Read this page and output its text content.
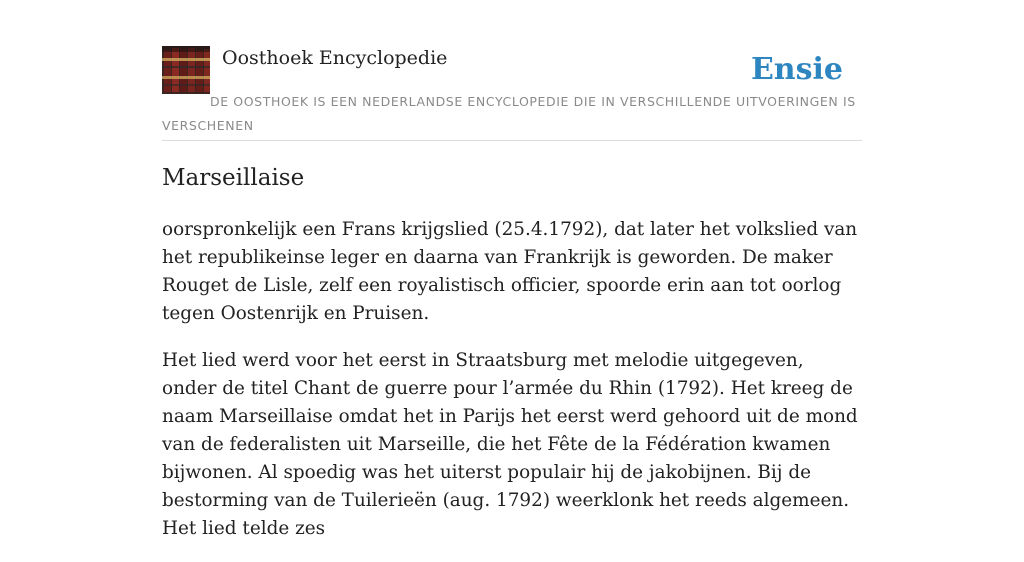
Oosthoek Encyclopedie	Ensie
DE OOSTHOEK IS EEN NEDERLANDSE ENCYCLOPEDIE DIE IN VERSCHILLENDE UITVOERINGEN IS VERSCHENEN
Marseillaise

oorspronkelijk een Frans krijgslied (25.4.1792), dat later het volkslied van het republikeinse leger en daarna van Frankrijk is geworden. De maker Rouget de Lisle, zelf een royalistisch officier, spoorde erin aan tot oorlog tegen Oostenrijk en Pruisen.

Het lied werd voor het eerst in Straatsburg met melodie uitgegeven, onder de titel Chant de guerre pour l’armée du Rhin (1792). Het kreeg de naam Marseillaise omdat het in Parijs het eerst werd gehoord uit de mond van de federalisten uit Marseille, die het Fête de la Fédération kwamen bijwonen. Al spoedig was het uiterst populair hij de jakobijnen. Bij de bestorming van de Tuilerieën (aug. 1792) weerklonk het reeds algemeen. Het lied telde zes
